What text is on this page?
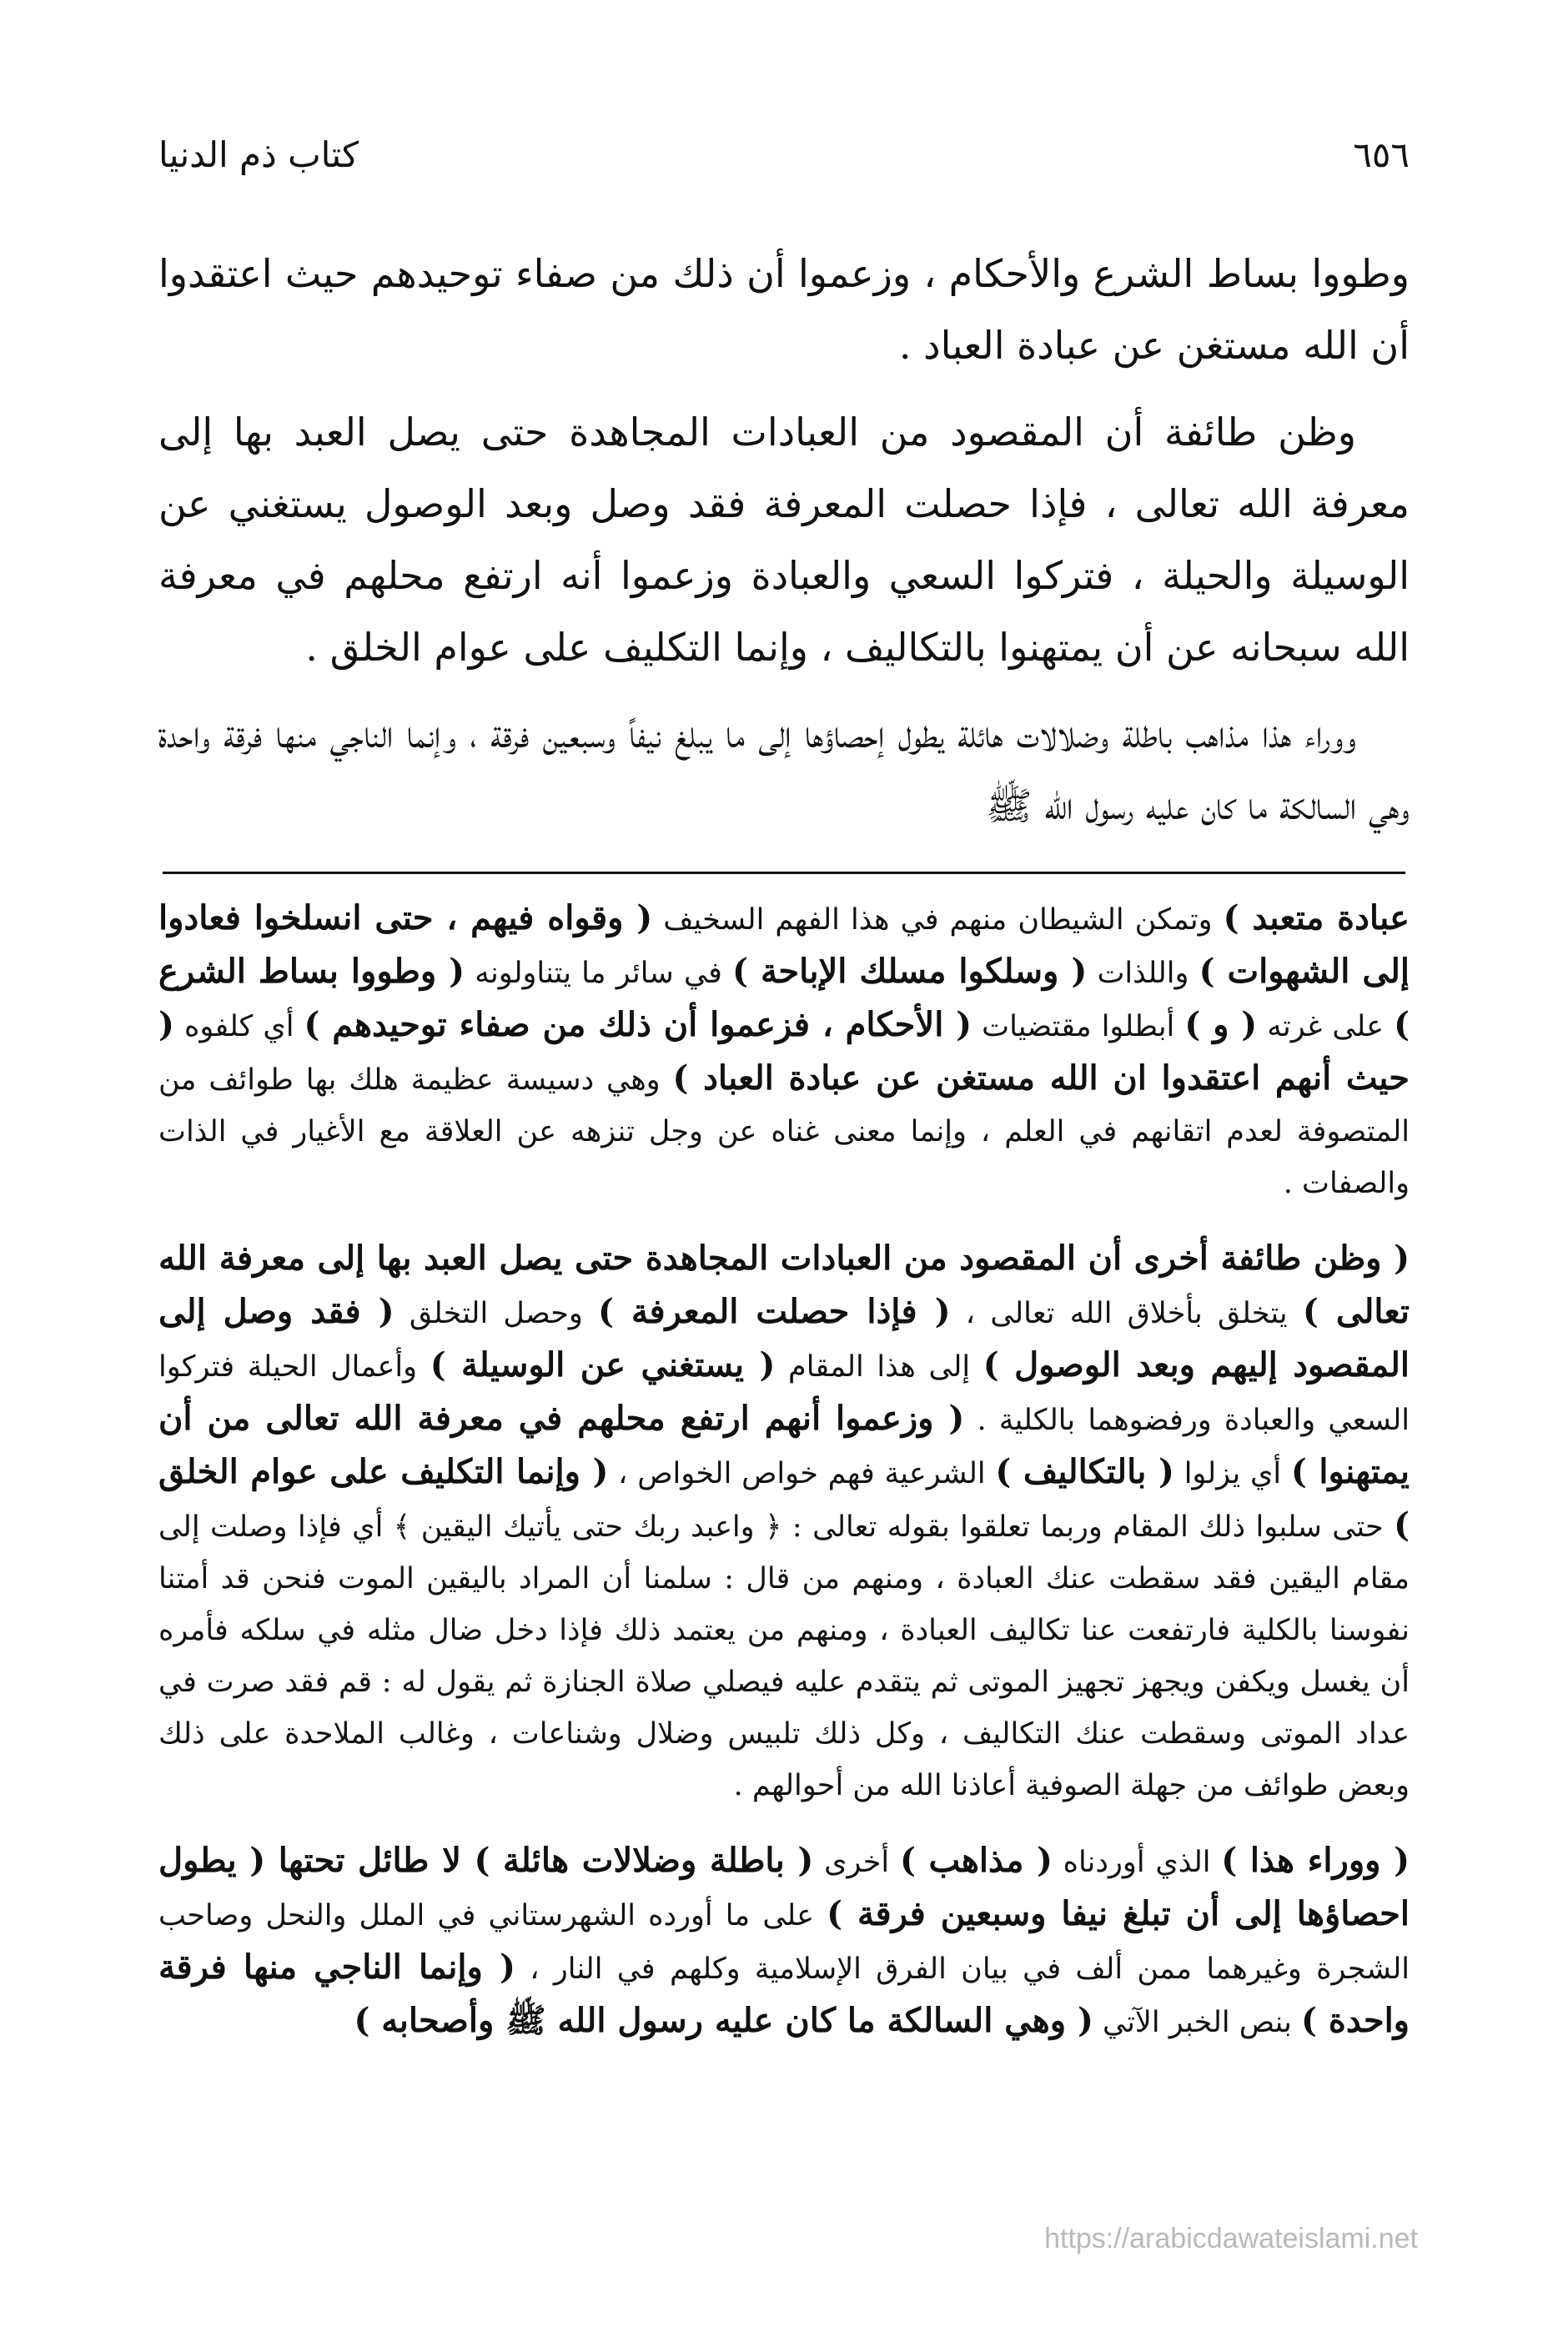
٦٥٦
كتاب ذم الدنيا

وطووا بساط الشرع والأحكام ، وزعموا أن ذلك من صفاء توحيدهم حيث اعتقدوا أن الله مستغن عن عبادة العباد .

وظن طائفة أن المقصود من العبادات المجاهدة حتى يصل العبد بها إلى معرفة الله تعالى ، فإذا حصلت المعرفة فقد وصل وبعد الوصول يستغني عن الوسيلة والحيلة ، فتركوا السعي والعبادة وزعموا أنه ارتفع محلهم في معرفة الله سبحانه عن أن يمتهنوا بالتكاليف ، وإنما التكليف على عوام الخلق .

ووراء هذا مذاهب باطلة وضلالات هائلة يطول إحصاؤها إلى ما يبلغ نيفاً وسبعين فرقة ، وإنما الناجي منها فرقة واحدة وهي السالكة ما كان عليه رسول الله ﷺ

عبادة متعبد ) وتمكن الشيطان منهم في هذا الفهم السخيف ( وقواه فيهم ، حتى انسلخوا فعادوا إلى الشهوات ) واللذات ( وسلكوا مسلك الإباحة ) في سائر ما يتناولونه ( وطووا بساط الشرع ) على غرته ( و ) أبطلوا مقتضيات ( الأحكام ، فزعموا أن ذلك من صفاء توحيدهم ) أي كلفوه ( حيث أنهم اعتقدوا ان الله مستغن عن عبادة العباد ) وهي دسيسة عظيمة هلك بها طوائف من المتصوفة لعدم اتقانهم في العلم ، وإنما معنى غناه عن وجل تنزهه عن العلاقة مع الأغيار في الذات والصفات .

( وظن طائفة أخرى أن المقصود من العبادات المجاهدة حتى يصل العبد بها إلى معرفة الله تعالى ) يتخلق بأخلاق الله تعالى ، ( فإذا حصلت المعرفة ) وحصل التخلق ( فقد وصل إلى المقصود إليهم وبعد الوصول ) إلى هذا المقام ( يستغني عن الوسيلة ) وأعمال الحيلة فتركوا السعي والعبادة ورفضوهما بالكلية . ( وزعموا أنهم ارتفع محلهم في معرفة الله تعالى من أن يمتهنوا ) أي يزلوا ( بالتكاليف ) الشرعية فهم خواص الخواص ، ( وإنما التكليف على عوام الخلق ) حتى سلبوا ذلك المقام وربما تعلقوا بقوله تعالى : ﴿ واعبد ربك حتى يأتيك اليقين ﴾ أي فإذا وصلت إلى مقام اليقين فقد سقطت عنك العبادة ، ومنهم من قال : سلمنا أن المراد باليقين الموت فنحن قد أمتنا نفوسنا بالكلية فارتفعت عنا تكاليف العبادة ، ومنهم من يعتمد ذلك فإذا دخل ضال مثله في سلكه فأمره أن يغسل ويكفن ويجهز تجهيز الموتى ثم يتقدم عليه فيصلي صلاة الجنازة ثم يقول له : قم فقد صرت في عداد الموتى وسقطت عنك التكاليف ، وكل ذلك تلبيس وضلال وشناعات ، وغالب الملاحدة على ذلك وبعض طوائف من جهلة الصوفية أعاذنا الله من أحوالهم .

( ووراء هذا ) الذي أوردناه ( مذاهب ) أخرى ( باطلة وضلالات هائلة ) لا طائل تحتها ( يطول احصاؤها إلى أن تبلغ نيفا وسبعين فرقة ) على ما أورده الشهرستاني في الملل والنحل وصاحب الشجرة وغيرهما ممن ألف في بيان الفرق الإسلامية وكلهم في النار ، ( وإنما الناجي منها فرقة واحدة ) بنص الخبر الآتي ( وهي السالكة ما كان عليه رسول الله ﷺ وأصحابه )

https://arabicdawateislami.net
